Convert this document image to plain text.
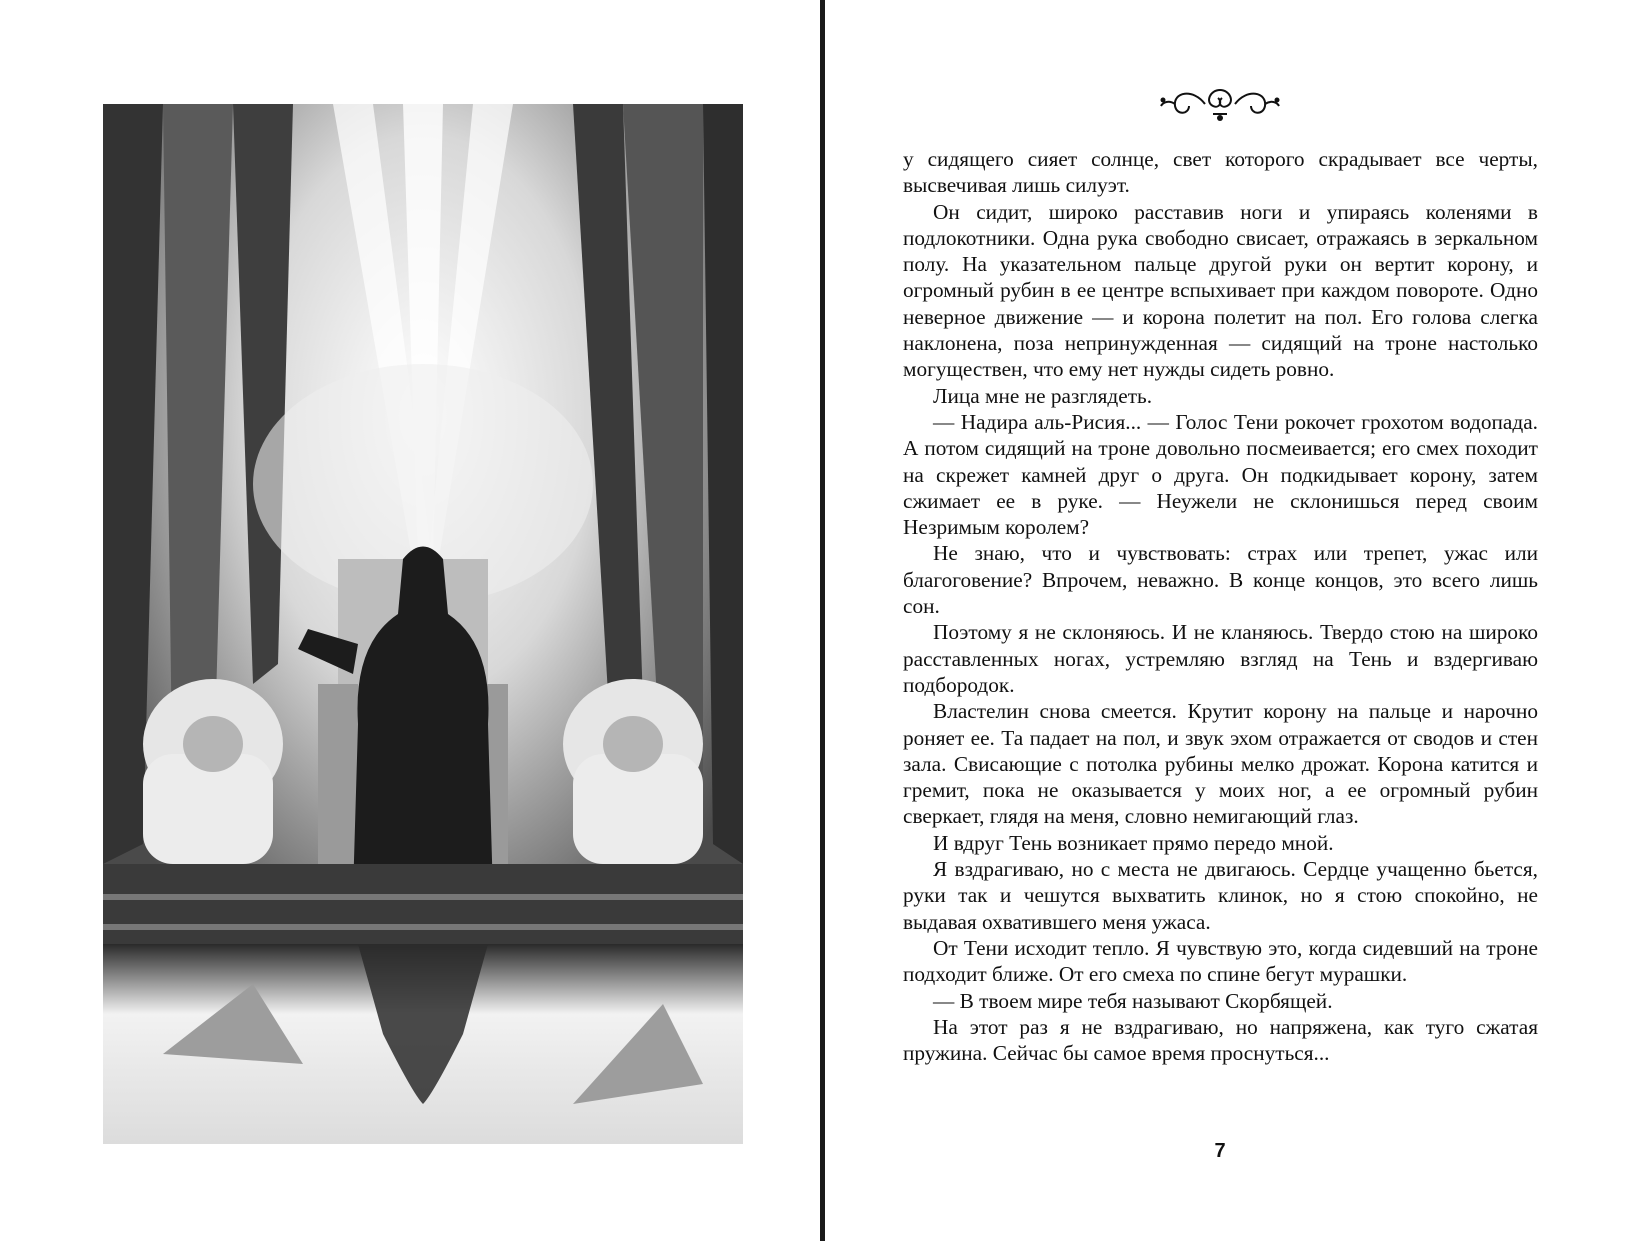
у сидящего сияет солнце, свет которого скрадывает все черты, высвечивая лишь силуэт.

Он сидит, широко расставив ноги и упираясь коленями в подлокотники. Одна рука свободно свисает, отражаясь в зеркальном полу. На указательном пальце другой руки он вертит корону, и огромный рубин в ее центре вспыхивает при каждом повороте. Одно неверное движение — и корона полетит на пол. Его голова слегка наклонена, поза непринужденная — сидящий на троне настолько могуществен, что ему нет нужды сидеть ровно.

Лица мне не разглядеть.

— Надира аль-Рисия... — Голос Тени рокочет грохотом водопада. А потом сидящий на троне довольно посмеивается; его смех походит на скрежет камней друг о друга. Он подкидывает корону, затем сжимает ее в руке. — Неужели не склонишься перед своим Незримым королем?

Не знаю, что и чувствовать: страх или трепет, ужас или благоговение? Впрочем, неважно. В конце концов, это всего лишь сон.

Поэтому я не склоняюсь. И не кланяюсь. Твердо стою на широко расставленных ногах, устремляю взгляд на Тень и вздергиваю подбородок.

Властелин снова смеется. Крутит корону на пальце и нарочно роняет ее. Та падает на пол, и звук эхом отражается от сводов и стен зала. Свисающие с потолка рубины мелко дрожат. Корона катится и гремит, пока не оказывается у моих ног, а ее огромный рубин сверкает, глядя на меня, словно немигающий глаз.

И вдруг Тень возникает прямо передо мной.

Я вздрагиваю, но с места не двигаюсь. Сердце учащенно бьется, руки так и чешутся выхватить клинок, но я стою спокойно, не выдавая охватившего меня ужаса.

От Тени исходит тепло. Я чувствую это, когда сидевший на троне подходит ближе. От его смеха по спине бегут мурашки.

— В твоем мире тебя называют Скорбящей.

На этот раз я не вздрагиваю, но напряжена, как туго сжатая пружина. Сейчас бы самое время проснуться...

7
